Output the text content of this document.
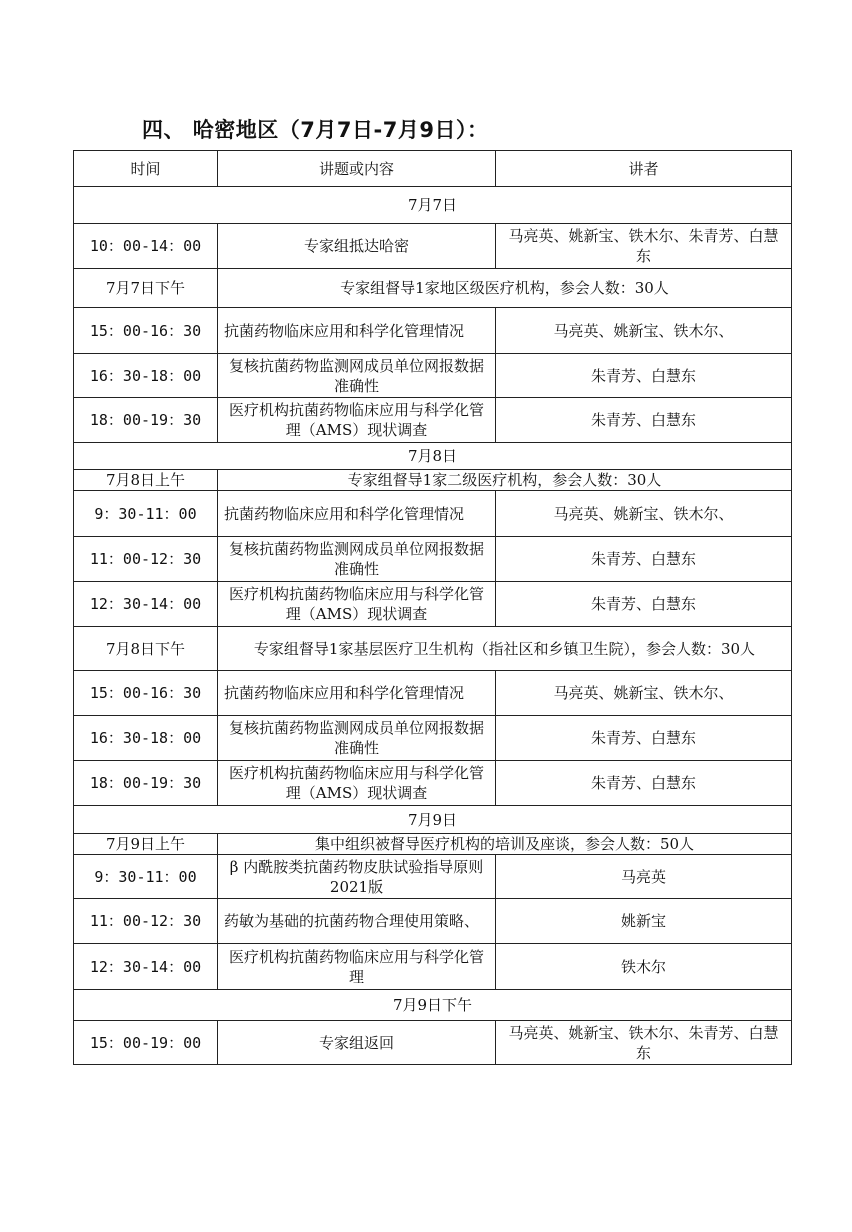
四、 哈密地区（7月7日-7月9日）：
时间	讲题或内容	讲者
7月7日		
10：00-14：00	专家组抵达哈密	马亮英、姚新宝、铁木尔、朱青芳、白慧东
7月7日下午	专家组督导1家地区级医疗机构，参会人数：30人	
15：00-16：30	抗菌药物临床应用和科学化管理情况	马亮英、姚新宝、铁木尔、
16：30-18：00	复核抗菌药物监测网成员单位网报数据准确性	朱青芳、白慧东
18：00-19：30	医疗机构抗菌药物临床应用与科学化管理（AMS）现状调查	朱青芳、白慧东
7月8日		
7月8日上午	专家组督导1家二级医疗机构，参会人数：30人	
9：30-11：00	抗菌药物临床应用和科学化管理情况	马亮英、姚新宝、铁木尔、
11：00-12：30	复核抗菌药物监测网成员单位网报数据准确性	朱青芳、白慧东
12：30-14：00	医疗机构抗菌药物临床应用与科学化管理（AMS）现状调查	朱青芳、白慧东
7月8日下午	专家组督导1家基层医疗卫生机构（指社区和乡镇卫生院），参会人数：30人	
15：00-16：30	抗菌药物临床应用和科学化管理情况	马亮英、姚新宝、铁木尔、
16：30-18：00	复核抗菌药物监测网成员单位网报数据准确性	朱青芳、白慧东
18：00-19：30	医疗机构抗菌药物临床应用与科学化管理（AMS）现状调查	朱青芳、白慧东
7月9日		
7月9日上午	集中组织被督导医疗机构的培训及座谈，参会人数：50人	
9：30-11：00	β 内酰胺类抗菌药物皮肤试验指导原则2021版	马亮英
11：00-12：30	药敏为基础的抗菌药物合理使用策略、	姚新宝
12：30-14：00	医疗机构抗菌药物临床应用与科学化管理	铁木尔
7月9日下午		
15：00-19：00	专家组返回	马亮英、姚新宝、铁木尔、朱青芳、白慧东
